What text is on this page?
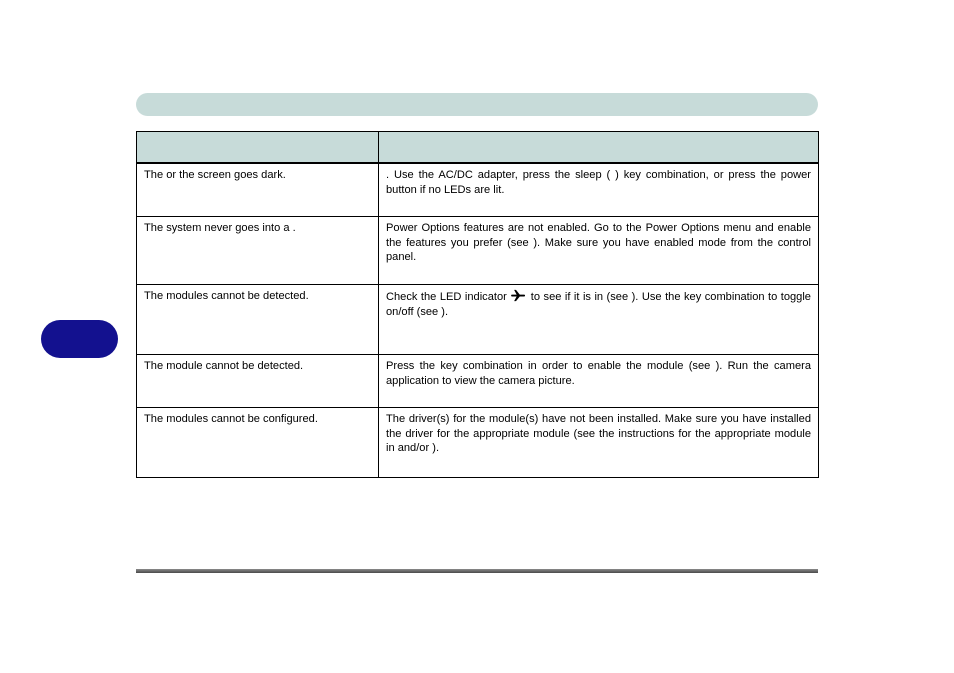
The or the screen goes dark.	. Use the AC/DC adapter, press the sleep ( ) key combination, or press the power button if no LEDs are lit.
The system never goes into a .	Power Options features are not enabled. Go to the Power Options menu and enable the features you prefer (see ). Make sure you have enabled mode from the control panel.
The modules cannot be detected.	Check the LED indicator to see if it is in (see ). Use the key combination to toggle on/off (see ).
The module cannot be detected.	Press the key combination in order to enable the module (see ). Run the camera application to view the camera picture.
The modules cannot be configured.	The driver(s) for the module(s) have not been installed. Make sure you have installed the driver for the appropriate module (see the instructions for the appropriate module in and/or ).
